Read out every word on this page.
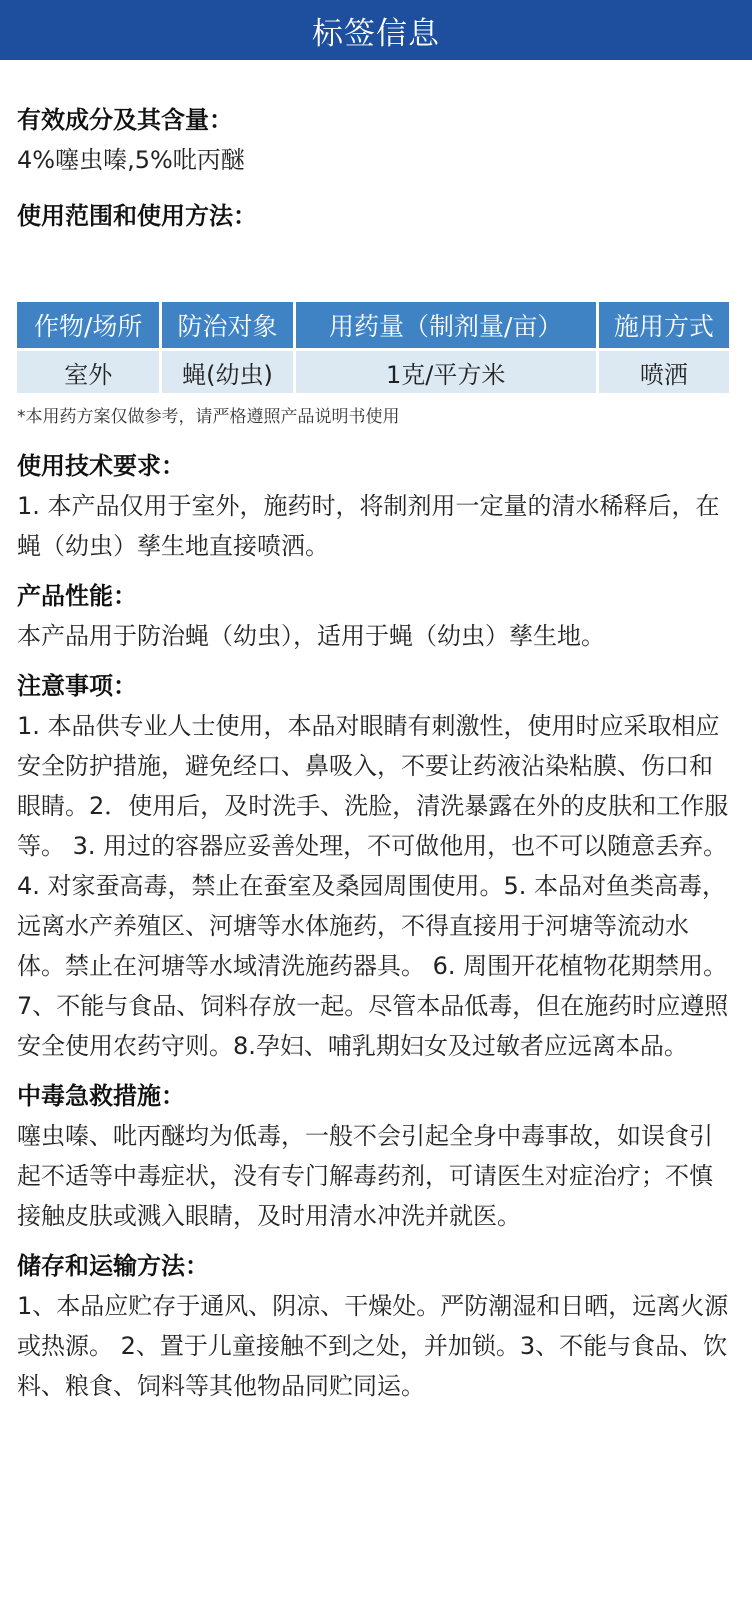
标签信息
有效成分及其含量：
4%噻虫嗪,5%吡丙醚
使用范围和使用方法：
作物/场所	防治对象	用药量（制剂量/亩）	施用方式
室外	蝇(幼虫)	1克/平方米	喷洒
*本用药方案仅做参考，请严格遵照产品说明书使用
使用技术要求：
1. 本产品仅用于室外，施药时，将制剂用一定量的清水稀释后，在蝇（幼虫）孳生地直接喷洒。
产品性能：
本产品用于防治蝇（幼虫），适用于蝇（幼虫）孳生地。
注意事项：
1. 本品供专业人士使用，本品对眼睛有刺激性，使用时应采取相应安全防护措施，避免经口、鼻吸入，不要让药液沾染粘膜、伤口和眼睛。2．使用后，及时洗手、洗脸，清洗暴露在外的皮肤和工作服等。 3. 用过的容器应妥善处理，不可做他用，也不可以随意丢弃。4. 对家蚕高毒，禁止在蚕室及桑园周围使用。5. 本品对鱼类高毒，远离水产养殖区、河塘等水体施药，不得直接用于河塘等流动水体。禁止在河塘等水域清洗施药器具。 6. 周围开花植物花期禁用。7、不能与食品、饲料存放一起。尽管本品低毒，但在施药时应遵照安全使用农药守则。8.孕妇、哺乳期妇女及过敏者应远离本品。
中毒急救措施：
噻虫嗪、吡丙醚均为低毒，一般不会引起全身中毒事故，如误食引起不适等中毒症状，没有专门解毒药剂，可请医生对症治疗；不慎接触皮肤或溅入眼睛，及时用清水冲洗并就医。
储存和运输方法：
1、本品应贮存于通风、阴凉、干燥处。严防潮湿和日晒，远离火源或热源。 2、置于儿童接触不到之处，并加锁。3、不能与食品、饮料、粮食、饲料等其他物品同贮同运。
